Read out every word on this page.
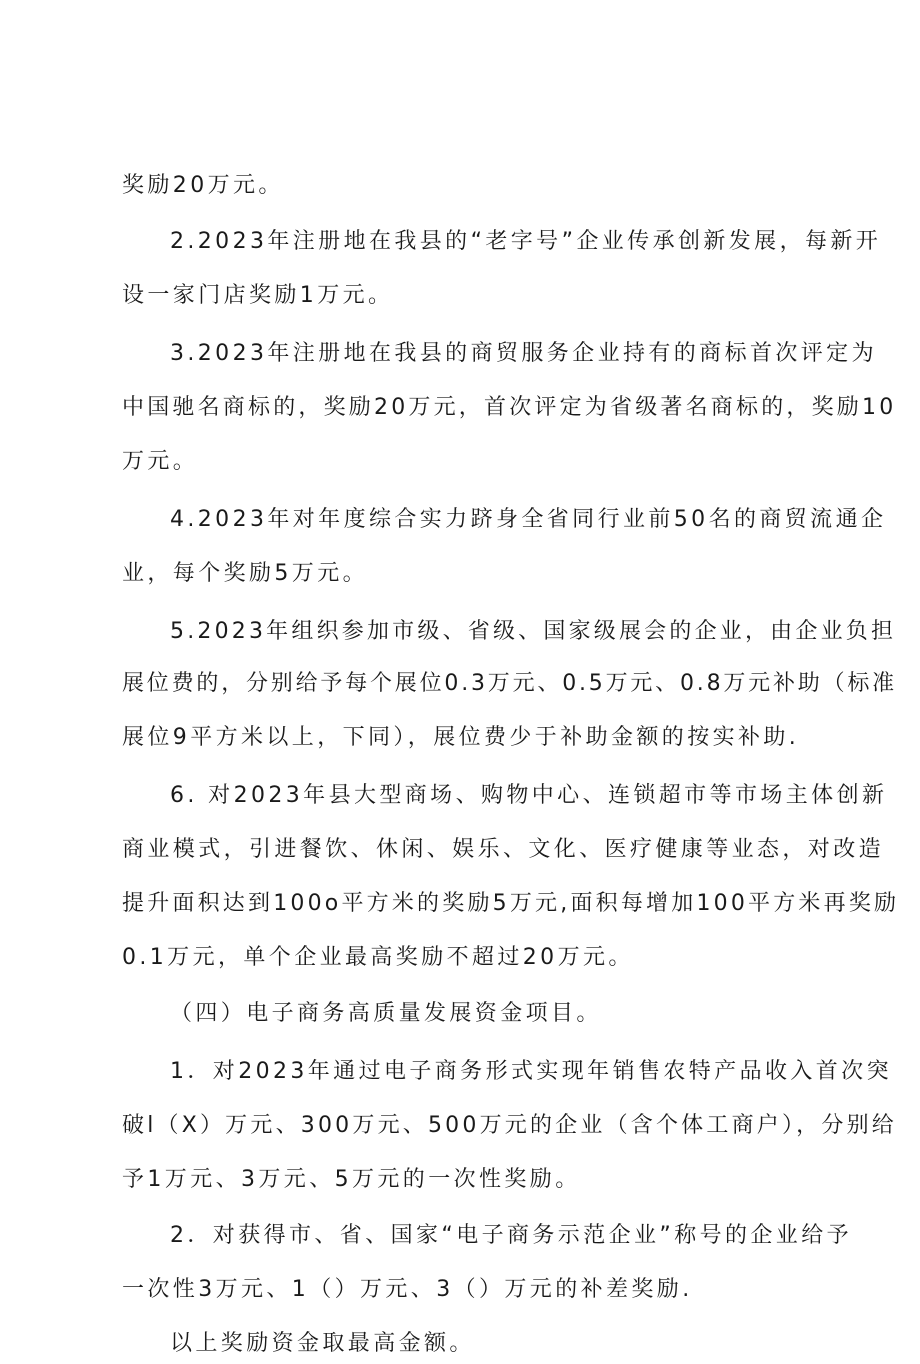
奖励20万元。
2.2023年注册地在我县的“老字号”企业传承创新发展，每新开
设一家门店奖励1万元。
3.2023年注册地在我县的商贸服务企业持有的商标首次评定为
中国驰名商标的，奖励20万元，首次评定为省级著名商标的，奖励10
万元。
4.2023年对年度综合实力跻身全省同行业前50名的商贸流通企
业，每个奖励5万元。
5.2023年组织参加市级、省级、国家级展会的企业，由企业负担
展位费的，分别给予每个展位0.3万元、0.5万元、0.8万元补助（标准
展位9平方米以上，下同），展位费少于补助金额的按实补助.
6. 对2023年县大型商场、购物中心、连锁超市等市场主体创新
商业模式，引进餐饮、休闲、娱乐、文化、医疗健康等业态，对改造
提升面积达到100o平方米的奖励5万元,面积每增加100平方米再奖励
0.1万元，单个企业最高奖励不超过20万元。
（四）电子商务高质量发展资金项目。
1．对2023年通过电子商务形式实现年销售农特产品收入首次突
破l（X）万元、300万元、500万元的企业（含个体工商户），分别给
予1万元、3万元、5万元的一次性奖励。
2．对获得市、省、国家“电子商务示范企业”称号的企业给予
一次性3万元、1（）万元、3（）万元的补差奖励.
以上奖励资金取最高金额。
